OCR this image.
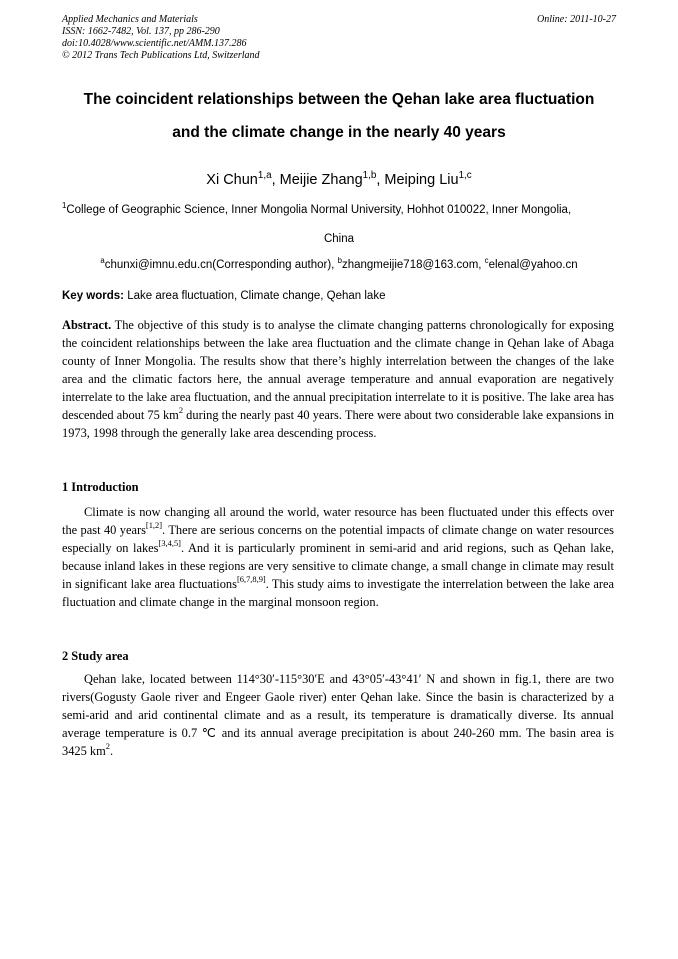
Applied Mechanics and Materials
ISSN: 1662-7482, Vol. 137, pp 286-290
doi:10.4028/www.scientific.net/AMM.137.286
© 2012 Trans Tech Publications Ltd, Switzerland
Online: 2011-10-27
The coincident relationships between the Qehan lake area fluctuation
and the climate change in the nearly 40 years
Xi Chun$^{1,a}$, Meijie Zhang$^{1,b}$, Meiping Liu$^{1,c}$
$^1$College of Geographic Science, Inner Mongolia Normal University, Hohhot 010022, Inner Mongolia,
China
$^a$chunxi@imnu.edu.cn(Corresponding author), $^b$zhangmeijie718@163.com, $^c$elenal@yahoo.cn
Key words: Lake area fluctuation, Climate change, Qehan lake
Abstract. The objective of this study is to analyse the climate changing patterns chronologically for exposing the coincident relationships between the lake area fluctuation and the climate change in Qehan lake of Abaga county of Inner Mongolia. The results show that there’s highly interrelation between the changes of the lake area and the climatic factors here, the annual average temperature and annual evaporation are negatively interrelate to the lake area fluctuation, and the annual precipitation interrelate to it is positive. The lake area has descended about 75 $km^2$ during the nearly past 40 years. There were about two considerable lake expansions in 1973, 1998 through the generally lake area descending process.
1 Introduction
Climate is now changing all around the world, water resource has been fluctuated under this effects over the past 40 years[1,2]. There are serious concerns on the potential impacts of climate change on water resources especially on lakes[3,4,5]. And it is particularly prominent in semi-arid and arid regions, such as Qehan lake, because inland lakes in these regions are very sensitive to climate change, a small change in climate may result in significant lake area fluctuations[6,7,8,9]. This study aims to investigate the interrelation between the lake area fluctuation and climate change in the marginal monsoon region.
2 Study area
Qehan lake, located between 114°30′-115°30′E and 43°05′-43°41′ N and shown in fig.1, there are two rivers(Gogusty Gaole river and Engeer Gaole river) enter Qehan lake. Since the basin is characterized by a semi-arid and arid continental climate and as a result, its temperature is dramatically diverse. Its annual average temperature is 0.7 ℃ and its annual average precipitation is about 240-260 mm. The basin area is 3425 $km^2$.
